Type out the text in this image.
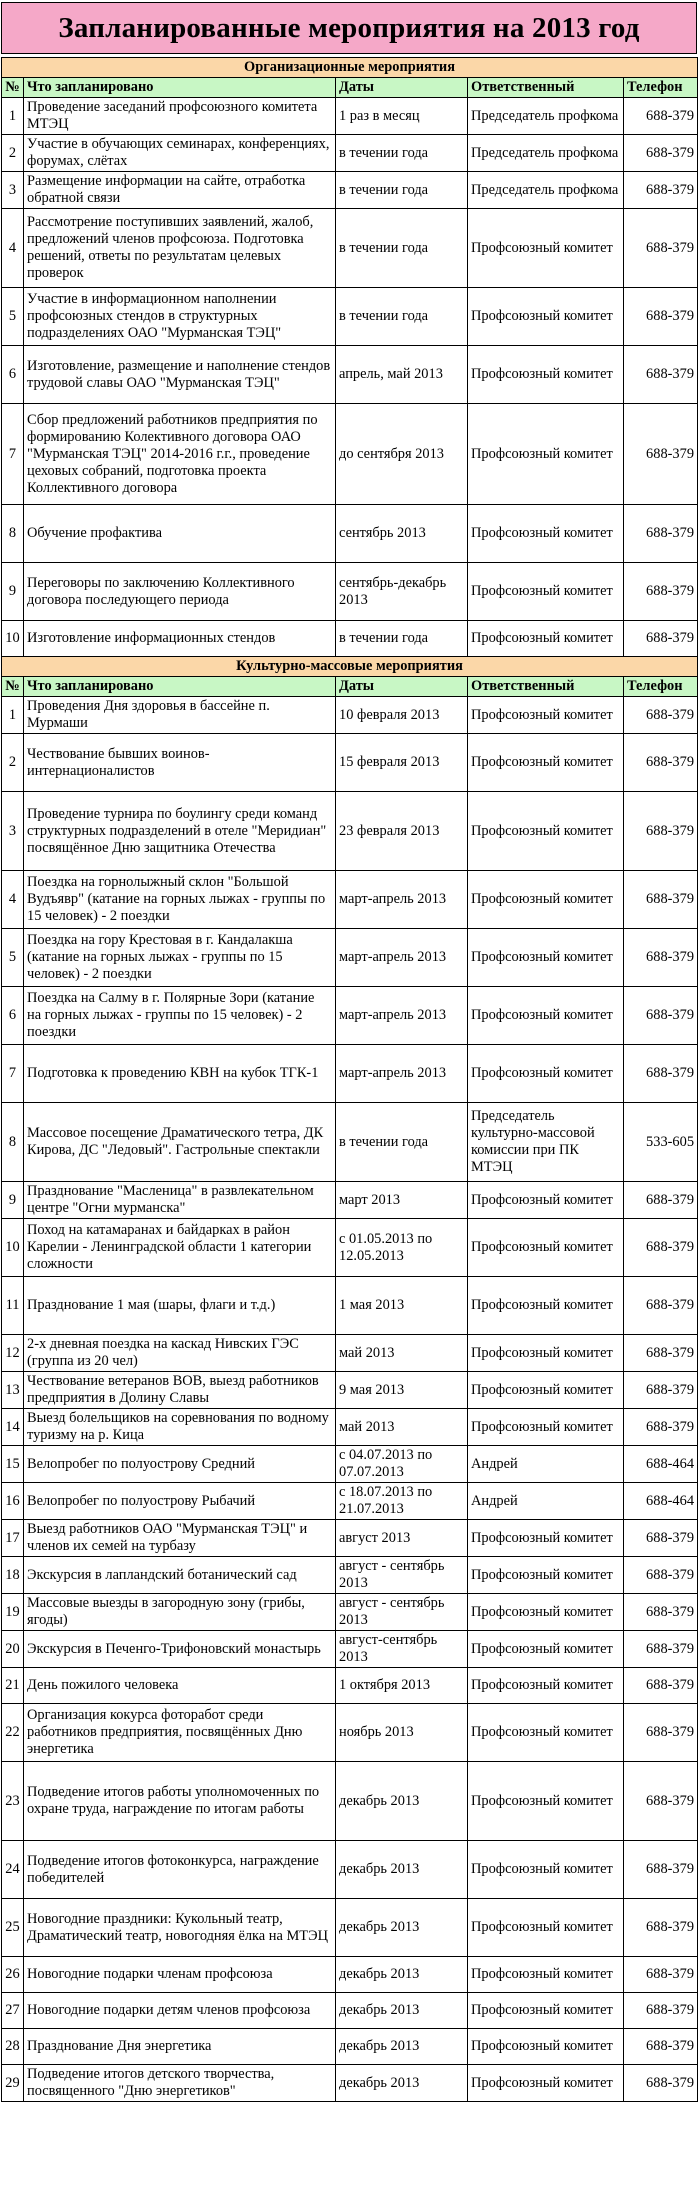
Запланированные мероприятия на 2013 год
Организационные мероприятия				
№	Что запланировано	Даты	Ответственный	Телефон
1	Проведение заседаний профсоюзного комитета МТЭЦ	1 раз в месяц	Председатель профкома	688-379
2	Участие в обучающих семинарах, конференциях, форумах, слётах	в течении года	Председатель профкома	688-379
3	Размещение информации на сайте, отработка обратной связи	в течении года	Председатель профкома	688-379
4	Рассмотрение поступивших заявлений, жалоб, предложений членов профсоюза. Подготовка решений, ответы по результатам целевых проверок	в течении года	Профсоюзный комитет	688-379
5	Участие в информационном наполнении профсоюзных стендов в структурных подразделениях ОАО "Мурманская ТЭЦ"	в течении года	Профсоюзный комитет	688-379
6	Изготовление, размещение и наполнение стендов трудовой славы ОАО "Мурманская ТЭЦ"	апрель, май 2013	Профсоюзный комитет	688-379
7	Сбор предложений работников предприятия по формированию Колективного договора ОАО "Мурманская ТЭЦ" 2014-2016 г.г., проведение цеховых собраний, подготовка проекта Коллективного договора	до сентября 2013	Профсоюзный комитет	688-379
8	Обучение профактива	сентябрь 2013	Профсоюзный комитет	688-379
9	Переговоры по заключению Коллективного договора последующего периода	сентябрь-декабрь 2013	Профсоюзный комитет	688-379
10	Изготовление информационных стендов	в течении года	Профсоюзный комитет	688-379
Культурно-массовые мероприятия				
№	Что запланировано	Даты	Ответственный	Телефон
1	Проведения Дня здоровья в бассейне п. Мурмаши	10 февраля 2013	Профсоюзный комитет	688-379
2	Чествование бывших воинов-интернационалистов	15 февраля 2013	Профсоюзный комитет	688-379
3	Проведение турнира по боулингу среди команд структурных подразделений в отеле "Меридиан" посвящённое Дню защитника Отечества	23 февраля 2013	Профсоюзный комитет	688-379
4	Поездка на горнолыжный склон "Большой Вудъявр" (катание на горных лыжах - группы по 15 человек) - 2 поездки	март-апрель 2013	Профсоюзный комитет	688-379
5	Поездка на гору Крестовая в г. Кандалакша (катание на горных лыжах - группы по 15 человек) - 2 поездки	март-апрель 2013	Профсоюзный комитет	688-379
6	Поездка на Салму в г. Полярные Зори (катание на горных лыжах - группы по 15 человек) - 2 поездки	март-апрель 2013	Профсоюзный комитет	688-379
7	Подготовка к проведению КВН на кубок ТГК-1	март-апрель 2013	Профсоюзный комитет	688-379
8	Массовое посещение Драматического тетра, ДК Кирова, ДС "Ледовый". Гастрольные спектакли	в течении года	Председатель культурно-массовой комиссии при ПК МТЭЦ	533-605
9	Празднование "Масленица" в развлекательном центре "Огни мурманска"	март 2013	Профсоюзный комитет	688-379
10	Поход на катамаранах и байдарках в район Карелии - Ленинградской области 1 категории сложности	с 01.05.2013 по 12.05.2013	Профсоюзный комитет	688-379
11	Празднование 1 мая (шары, флаги и т.д.)	1 мая 2013	Профсоюзный комитет	688-379
12	2-х дневная поездка на каскад Нивских ГЭС (группа из 20 чел)	май 2013	Профсоюзный комитет	688-379
13	Чествование ветеранов ВОВ, выезд работников предприятия в Долину Славы	9 мая 2013	Профсоюзный комитет	688-379
14	Выезд болельщиков на соревнования по водному туризму на р. Кица	май 2013	Профсоюзный комитет	688-379
15	Велопробег по полуострову Средний	с 04.07.2013 по 07.07.2013	Андрей	688-464
16	Велопробег по полуострову Рыбачий	с 18.07.2013 по 21.07.2013	Андрей	688-464
17	Выезд работников ОАО "Мурманская ТЭЦ" и членов их семей на турбазу	август 2013	Профсоюзный комитет	688-379
18	Экскурсия в лапландский ботанический сад	август - сентябрь 2013	Профсоюзный комитет	688-379
19	Массовые выезды в загородную зону (грибы, ягоды)	август - сентябрь 2013	Профсоюзный комитет	688-379
20	Экскурсия в Печенго-Трифоновский монастырь	август-сентябрь 2013	Профсоюзный комитет	688-379
21	День пожилого человека	1 октября 2013	Профсоюзный комитет	688-379
22	Организация кокурса фоторабот среди работников предприятия, посвящённых Дню энергетика	ноябрь 2013	Профсоюзный комитет	688-379
23	Подведение итогов работы уполномоченных по охране труда, награждение по итогам работы	декабрь 2013	Профсоюзный комитет	688-379
24	Подведение итогов фотоконкурса, награждение победителей	декабрь 2013	Профсоюзный комитет	688-379
25	Новогодние праздники: Кукольный театр, Драматический театр, новогодняя ёлка на МТЭЦ	декабрь 2013	Профсоюзный комитет	688-379
26	Новогодние подарки членам профсоюза	декабрь 2013	Профсоюзный комитет	688-379
27	Новогодние подарки детям членов профсоюза	декабрь 2013	Профсоюзный комитет	688-379
28	Празднование Дня энергетика	декабрь 2013	Профсоюзный комитет	688-379
29	Подведение итогов детского творчества, посвященного "Дню энергетиков"	декабрь 2013	Профсоюзный комитет	688-379
